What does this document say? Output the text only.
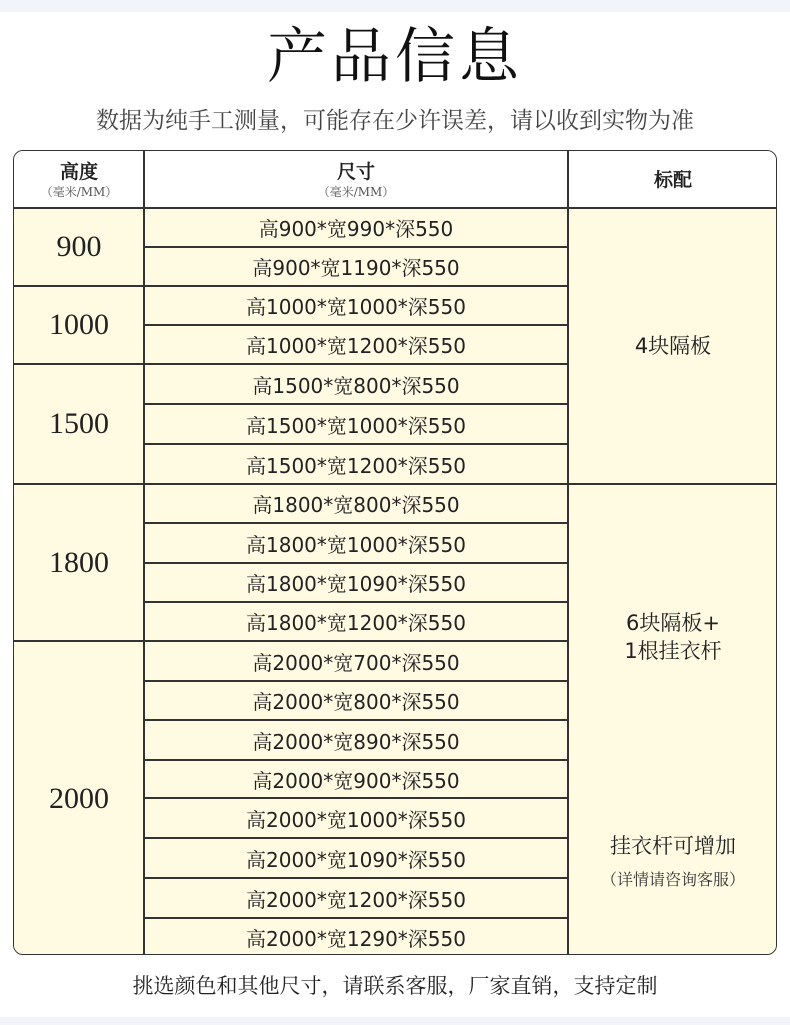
产品信息
数据为纯手工测量，可能存在少许误差，请以收到实物为准
高度
（毫米/MM）
尺寸
（毫米/MM）
标配
900
1000
1500
1800
2000
高900*宽990*深550
高900*宽1190*深550
高1000*宽1000*深550
高1000*宽1200*深550
高1500*宽800*深550
高1500*宽1000*深550
高1500*宽1200*深550
高1800*宽800*深550
高1800*宽1000*深550
高1800*宽1090*深550
高1800*宽1200*深550
高2000*宽700*深550
高2000*宽800*深550
高2000*宽890*深550
高2000*宽900*深550
高2000*宽1000*深550
高2000*宽1090*深550
高2000*宽1200*深550
高2000*宽1290*深550
4块隔板
6块隔板+
1根挂衣杆
挂衣杆可增加
（详情请咨询客服）
挑选颜色和其他尺寸，请联系客服，厂家直销，支持定制
